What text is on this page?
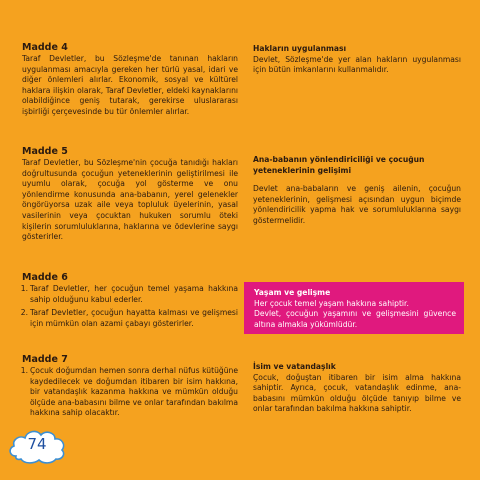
Madde 4

Taraf Devletler, bu Sözleşme'de tanınan hakların uygulanması amacıyla gereken her türlü yasal, idari ve diğer önlemleri alırlar. Ekonomik, sosyal ve kültürel haklara ilişkin olarak, Taraf Devletler, eldeki kaynaklarını olabildiğince geniş tutarak, gerekirse uluslararası işbirliği çerçevesinde bu tür önlemler alırlar.

Madde 5

Taraf Devletler, bu Sözleşme'nin çocuğa tanıdığı hakları doğrultusunda çocuğun yeteneklerinin geliştirilmesi ile uyumlu olarak, çocuğa yol gösterme ve onu yönlendirme konusunda ana-babanın, yerel gelenekler öngörüyorsa uzak aile veya topluluk üyelerinin, yasal vasilerinin veya çocuktan hukuken sorumlu öteki kişilerin sorumluluklarına, haklarına ve ödevlerine saygı gösterirler.

Madde 6
1. Taraf Devletler, her çocuğun temel yaşama hakkına sahip olduğunu kabul ederler.
2. Taraf Devletler, çocuğun hayatta kalması ve gelişmesi için mümkün olan azami çabayı gösterirler.
Madde 7
1. Çocuk doğumdan hemen sonra derhal nüfus kütüğüne kaydedilecek ve doğumdan itibaren bir isim hakkına, bir vatandaşlık kazanma hakkına ve mümkün olduğu ölçüde ana-babasını bilme ve onlar tarafından bakılma hakkına sahip olacaktır.
Hakların uygulanması

Devlet, Sözleşme'de yer alan hakların uygulanması için bütün imkanlarını kullanmalıdır.

Ana-babanın yönlendiriciliği ve çocuğun yeteneklerinin gelişimi

Devlet ana-babaların ve geniş ailenin, çocuğun yeteneklerinin, gelişmesi açısından uygun biçimde yönlendiricilik yapma hak ve sorumluluklarına saygı göstermelidir.

Yaşam ve gelişme

Her çocuk temel yaşam hakkına sahiptir.

Devlet, çocuğun yaşamını ve gelişmesini güvence altına almakla yükümlüdür.

İsim ve vatandaşlık

Çocuk, doğuştan itibaren bir isim alma hakkına sahiptir. Ayrıca, çocuk, vatandaşlık edinme, ana-babasını mümkün olduğu ölçüde tanıyıp bilme ve onlar tarafından bakılma hakkına sahiptir.

74
